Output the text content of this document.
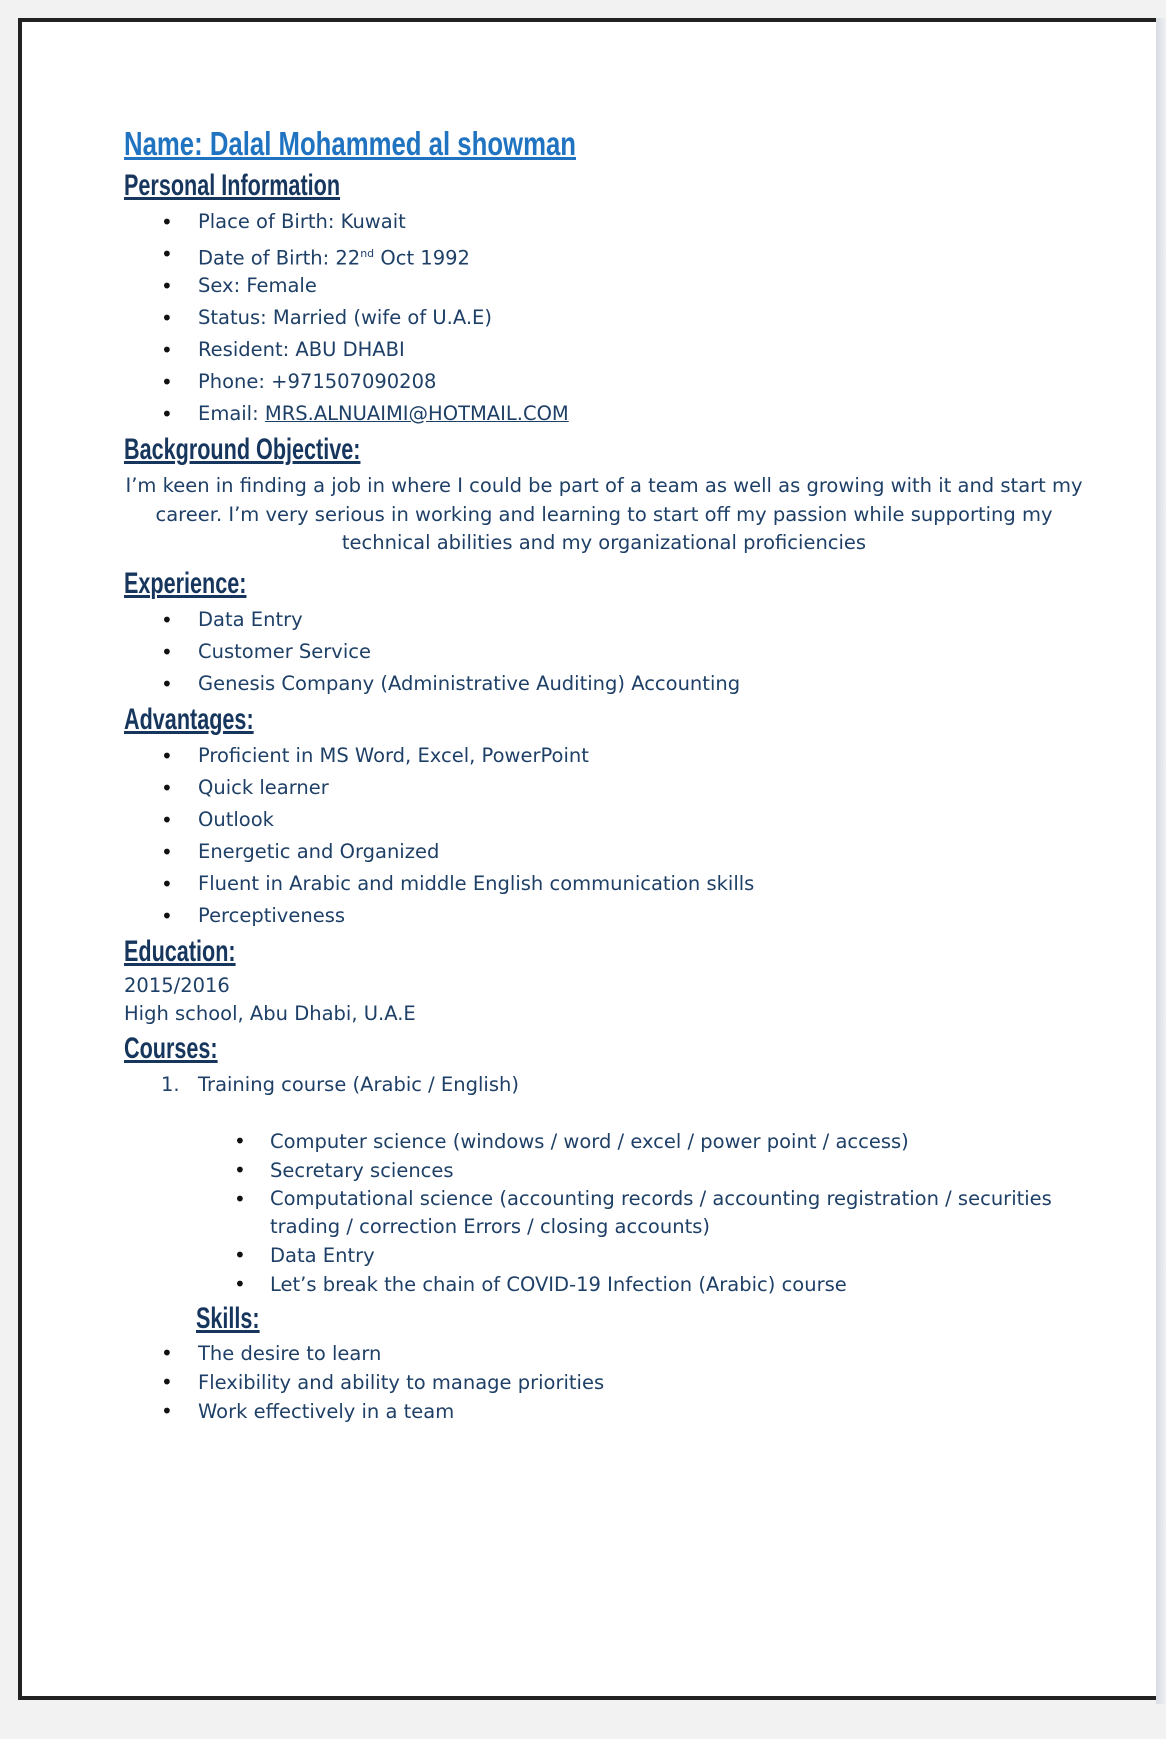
Name: Dalal Mohammed al showman
Personal Information
• Place of Birth: Kuwait
• Date of Birth: 22nd Oct 1992
• Sex: Female
• Status: Married (wife of U.A.E)
• Resident: ABU DHABI
• Phone: +971507090208
• Email: MRS.ALNUAIMI@HOTMAIL.COM
Background Objective:
I’m keen in finding a job in where I could be part of a team as well as growing with it and start my
career. I’m very serious in working and learning to start off my passion while supporting my
technical abilities and my organizational proficiencies
Experience:
• Data Entry
• Customer Service
• Genesis Company (Administrative Auditing) Accounting
Advantages:
• Proficient in MS Word, Excel, PowerPoint
• Quick learner
• Outlook
• Energetic and Organized
• Fluent in Arabic and middle English communication skills
• Perceptiveness
Education:
2015/2016
High school, Abu Dhabi, U.A.E
Courses:
1. Training course (Arabic / English)
• Computer science (windows / word / excel / power point / access)
• Secretary sciences
• Computational science (accounting records / accounting registration / securities trading / correction Errors / closing accounts)
• Data Entry
• Let’s break the chain of COVID-19 Infection (Arabic) course
Skills:
• The desire to learn
• Flexibility and ability to manage priorities
• Work effectively in a team
